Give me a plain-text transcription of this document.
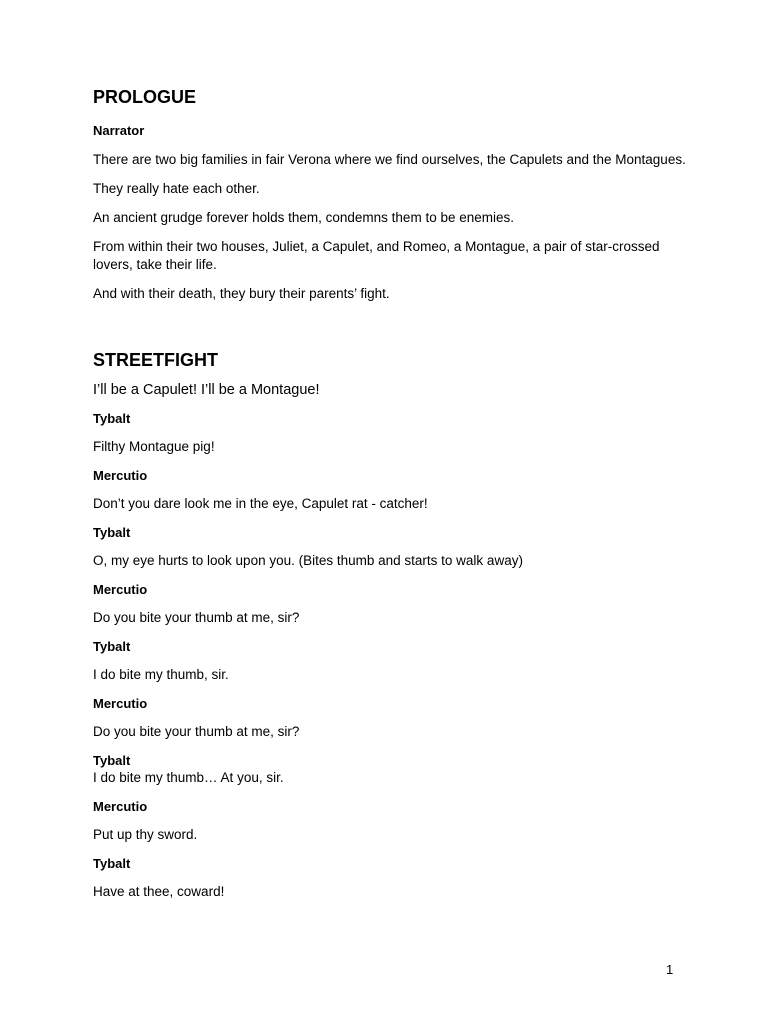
PROLOGUE

Narrator

There are two big families in fair Verona where we find ourselves, the Capulets and the Montagues.

They really hate each other.

An ancient grudge forever holds them, condemns them to be enemies.

From within their two houses, Juliet, a Capulet, and Romeo, a Montague, a pair of star-crossed lovers, take their life.

And with their death, they bury their parents’ fight.

STREETFIGHT

I’ll be a Capulet! I’ll be a Montague!

Tybalt

Filthy Montague pig!

Mercutio

Don’t you dare look me in the eye, Capulet rat - catcher!

Tybalt

O, my eye hurts to look upon you. (Bites thumb and starts to walk away)

Mercutio

Do you bite your thumb at me, sir?

Tybalt

I do bite my thumb, sir.

Mercutio

Do you bite your thumb at me, sir?

Tybalt

I do bite my thumb… At you, sir.

Mercutio

Put up thy sword.

Tybalt

Have at thee, coward!

1
